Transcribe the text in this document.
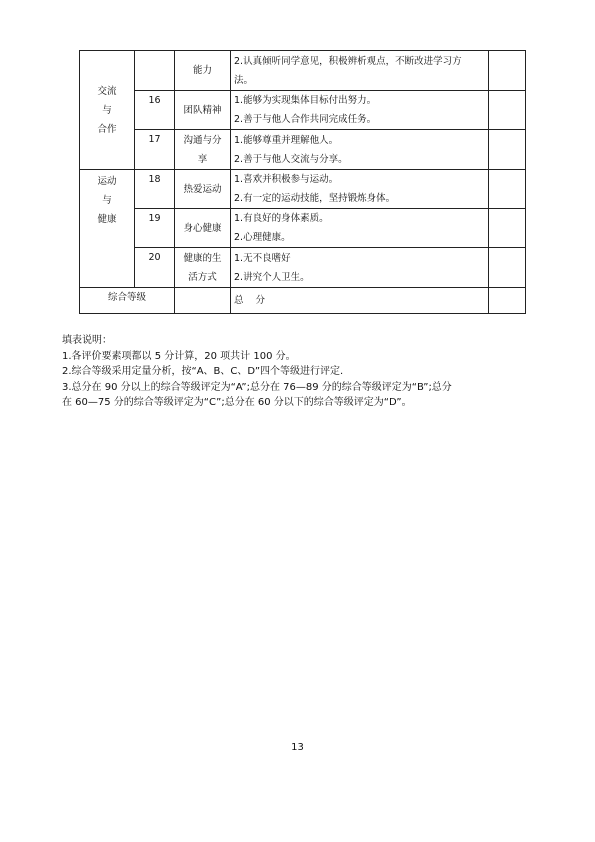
交流
与
合作		能力	2.认真倾听同学意见，积极辨析观点，不断改进学习方
法。	

	16	团队精神	1.能够为实现集体目标付出努力。
2.善于与他人合作共同完成任务。	

	17	沟通与分
享	1.能够尊重并理解他人。
2.善于与他人交流与分享。	

运动
与
健康	18	热爱运动	1.喜欢并积极参与运动。
2.有一定的运动技能，坚持锻炼身体。	

	19	身心健康	1.有良好的身体素质。
2.心理健康。	

	20	健康的生
活方式	1.无不良嗜好
2.讲究个人卫生。	

综合等级			总 分	
填表说明：
1.各评价要素项都以 5 分计算，20 项共计 100 分。
2.综合等级采用定量分析，按“A、B、C、D”四个等级进行评定.
3.总分在 90 分以上的综合等级评定为“A”;总分在 76—89 分的综合等级评定为“B”;总分
在 60—75 分的综合等级评定为“C”;总分在 60 分以下的综合等级评定为“D”。
13
